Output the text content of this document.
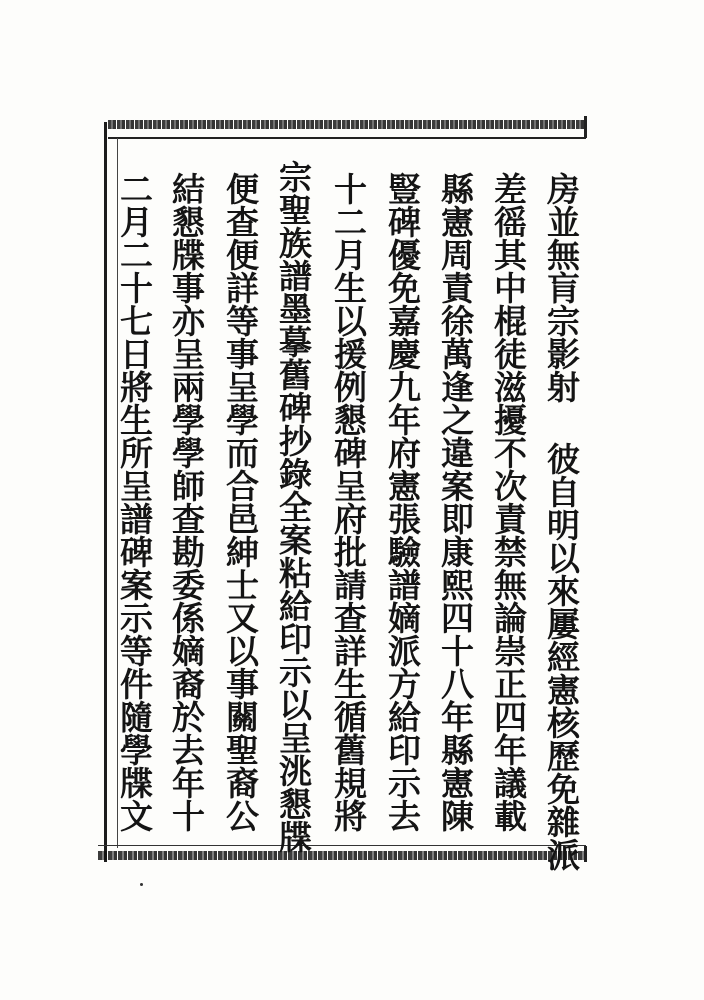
房並無肓宗影射 彼自明以來屢經憲核歷免雜派
差徭其中棍徒滋擾不次責禁無論崇正四年議載
縣憲周責徐萬逢之違案即康熙四十八年縣憲陳
豎碑優免嘉慶九年府憲張驗譜嫡派方給印示去
十二月生以援例懇碑呈府批請查詳生循舊規將
宗聖族譜墨摹舊碑抄錄全案粘給印示以呈洮懇牒
便查便詳等事呈學而合邑紳士又以事關聖裔公
結懇牒事亦呈兩學學師查勘委係嫡裔於去年十
二月二十七日將生所呈譜碑案示等件隨學牒文
